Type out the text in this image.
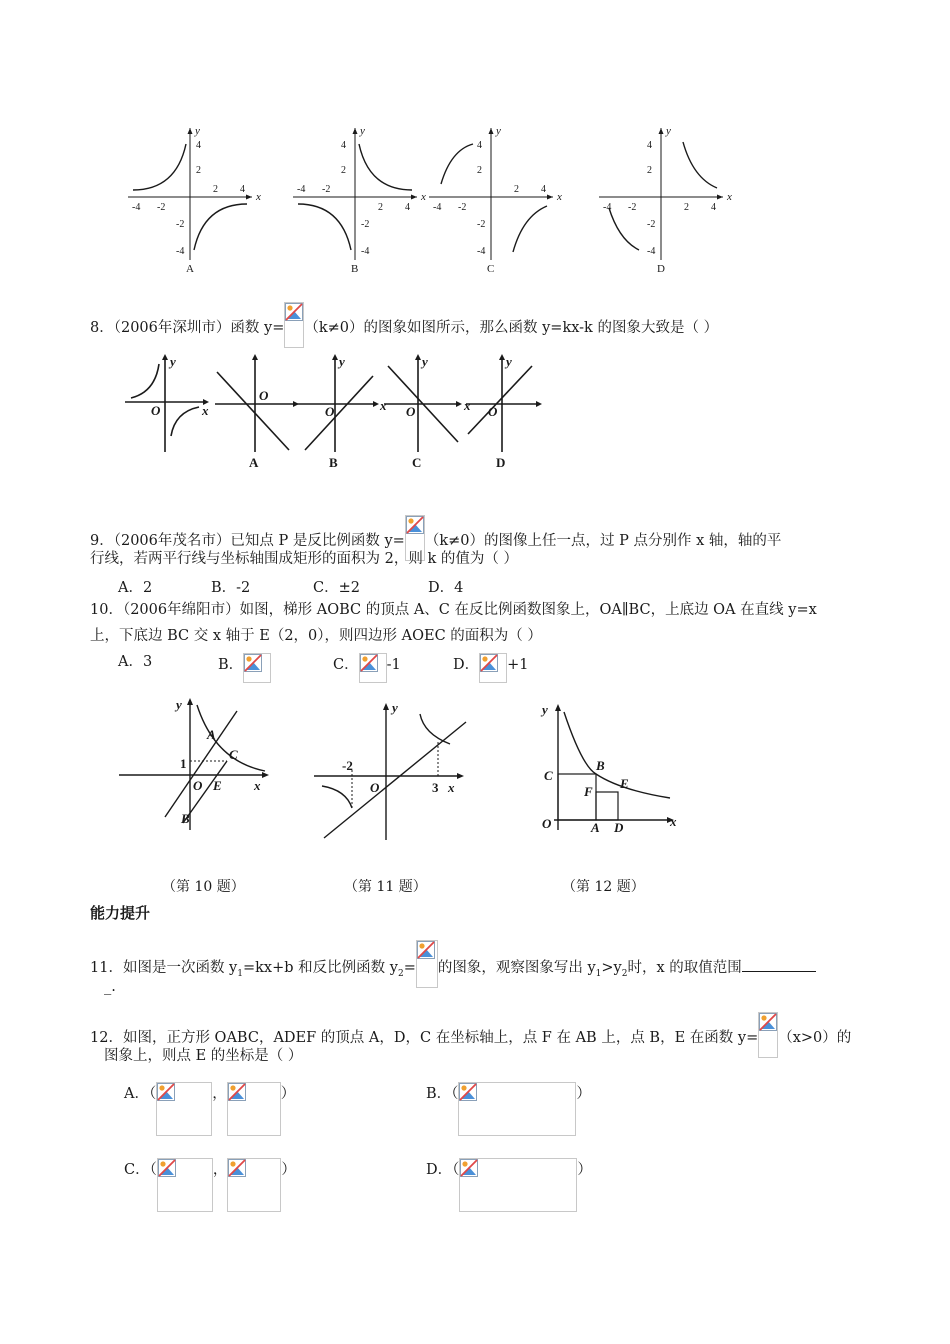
x
y
-4 -2
2 4
4
2
-2
-4
A
x
y
-4 -2
2 4
4
2
-2
-4
B
x
y
-4 -2
2 4
4
2
-2
-4
C
x
y
-4 -2	2 4
4
2
-2
-4
D
8．（2006年深圳市）函数 y= （k≠0）的图象如图所示，那么函数 y=kx-k 的图象大致是（ ）
y
O	x
O
A
y
O	x
B
y
O	x
C
y
O
D
9．（2006年茂名市）已知点 P 是反比例函数 y= （k≠0）的图像上任一点，过 P 点分别作 x 轴，轴的平
行线，若两平行线与坐标轴围成矩形的面积为 2，则 k 的值为（ ）
A．2	B．-2	C．±2	D．4
10．（2006年绵阳市）如图，梯形 AOBC 的顶点 A、C 在反比例函数图象上，OA∥BC，上底边 OA 在直线 y=x
上，下底边 BC 交 x 轴于 E（2，0），则四边形 AOEC 的面积为（ ）
A．3	B．	C． -1	D． +1
y
A
C
1
O E x
B
（第 10 题）
y
-2
O	3 x
（第 11 题）
y
C
B
F
E
O	A D	x
（第 12 题）
能力提升
11．如图是一次函数 $y_1=kx+b$ 和反比例函数 $y_2=$ 的图象，观察图象写出 $y_1>y_2$时，x 的取值范围
_.
12．如图，正方形 OABC，ADEF 的顶点 A，D，C 在坐标轴上，点 F 在 AB 上，点 B，E 在函数 y= （x>0）的
图象上，则点 E 的坐标是（ ）
A．（	，	）	B．（	）
C．（	，	）	D．（	）
